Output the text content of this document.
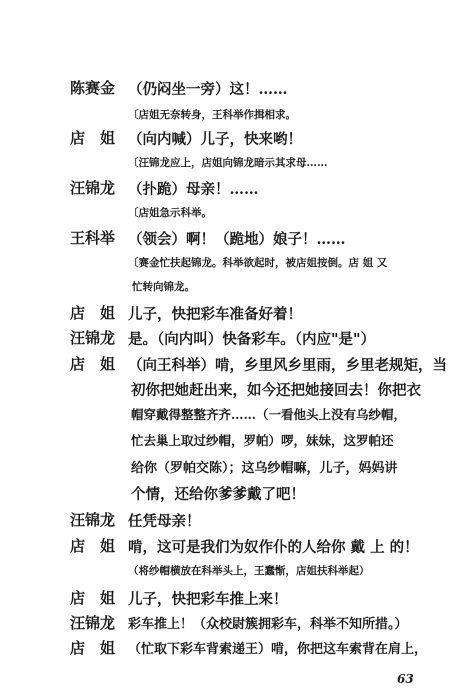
陈赛金 （仍闷坐一旁）这！……
〔店姐无奈转身，王科举作揖相求。
店　姐 （向内喊）儿子，快来哟！
〔汪锦龙应上，店姐向锦龙暗示其求母……
汪锦龙 （扑跪）母亲！……
〔店姐急示科举。
王科举 （领会）啊！（跪地）娘子！……
〔赛金忙扶起锦龙。科举欲起时，被店姐按倒。店 姐 又
忙转向锦龙。
店　姐 儿子，快把彩车准备好着！
汪锦龙 是。（向内叫）快备彩车。（内应"是"）
店　姐 （向王科举）啃，乡里风乡里雨，乡里老规矩，当
初你把她赶出来，如今还把她接回去！你把衣
帽穿戴得整整齐齐……（一看他头上没有乌纱帽，
忙去巢上取过纱帽，罗帕）啰，妹妹，这罗帕还
给你（罗帕交陈）；这乌纱帽嘛，儿子，妈妈讲
个情，还给你爹爹戴了吧！
汪锦龙 任凭母亲！
店　姐 啃，这可是我们为奴作仆的人给你 戴 上 的！
（将纱帽横放在科举头上，王蠢惭，店姐扶科举起）
店　姐 儿子，快把彩车推上来！
汪锦龙 彩车推上！（众校尉簇拥彩车，科举不知所措。）
店　姐 （忙取下彩车背索递王）啃，你把这车索背在肩上，
63
